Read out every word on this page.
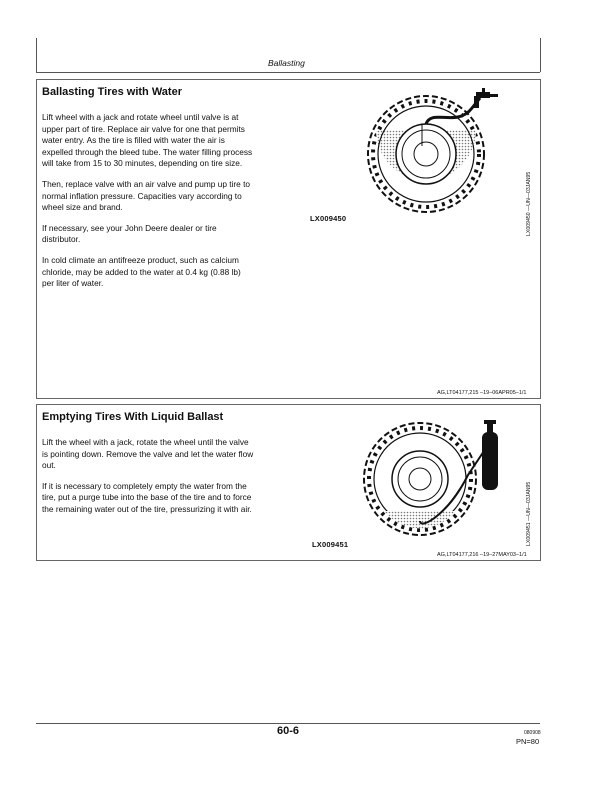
Ballasting
Ballasting Tires with Water

Lift wheel with a jack and rotate wheel until valve is at
upper part of tire. Replace air valve for one that permits
water entry. As the tire is filled with water the air is
expelled through the bleed tube. The water filling process
will take from 15 to 30 minutes, depending on tire size.

Then, replace valve with an air valve and pump up tire to
normal inflation pressure. Capacities vary according to
wheel size and brand.

If necessary, see your John Deere dealer or tire
distributor.

In cold climate an antifreeze product, such as calcium
chloride, may be added to the water at 0.4 kg (0.88 lb)
per liter of water.

LX009450	LX009450 —UN—03JAN95
AG,LT04177,215 –19–06APR05–1/1
Emptying Tires With Liquid Ballast

Lift the wheel with a jack, rotate the wheel until the valve
is pointing down. Remove the valve and let the water flow
out.

If it is necessary to completely empty the water from the
tire, put a purge tube into the base of the tire and to force
the remaining water out of the tire, pressurizing it with air.

LX009451	LX009451 —UN—03JAN95
AG,LT04177,216 –19–27MAY03–1/1
60-6	080908
PN=80
